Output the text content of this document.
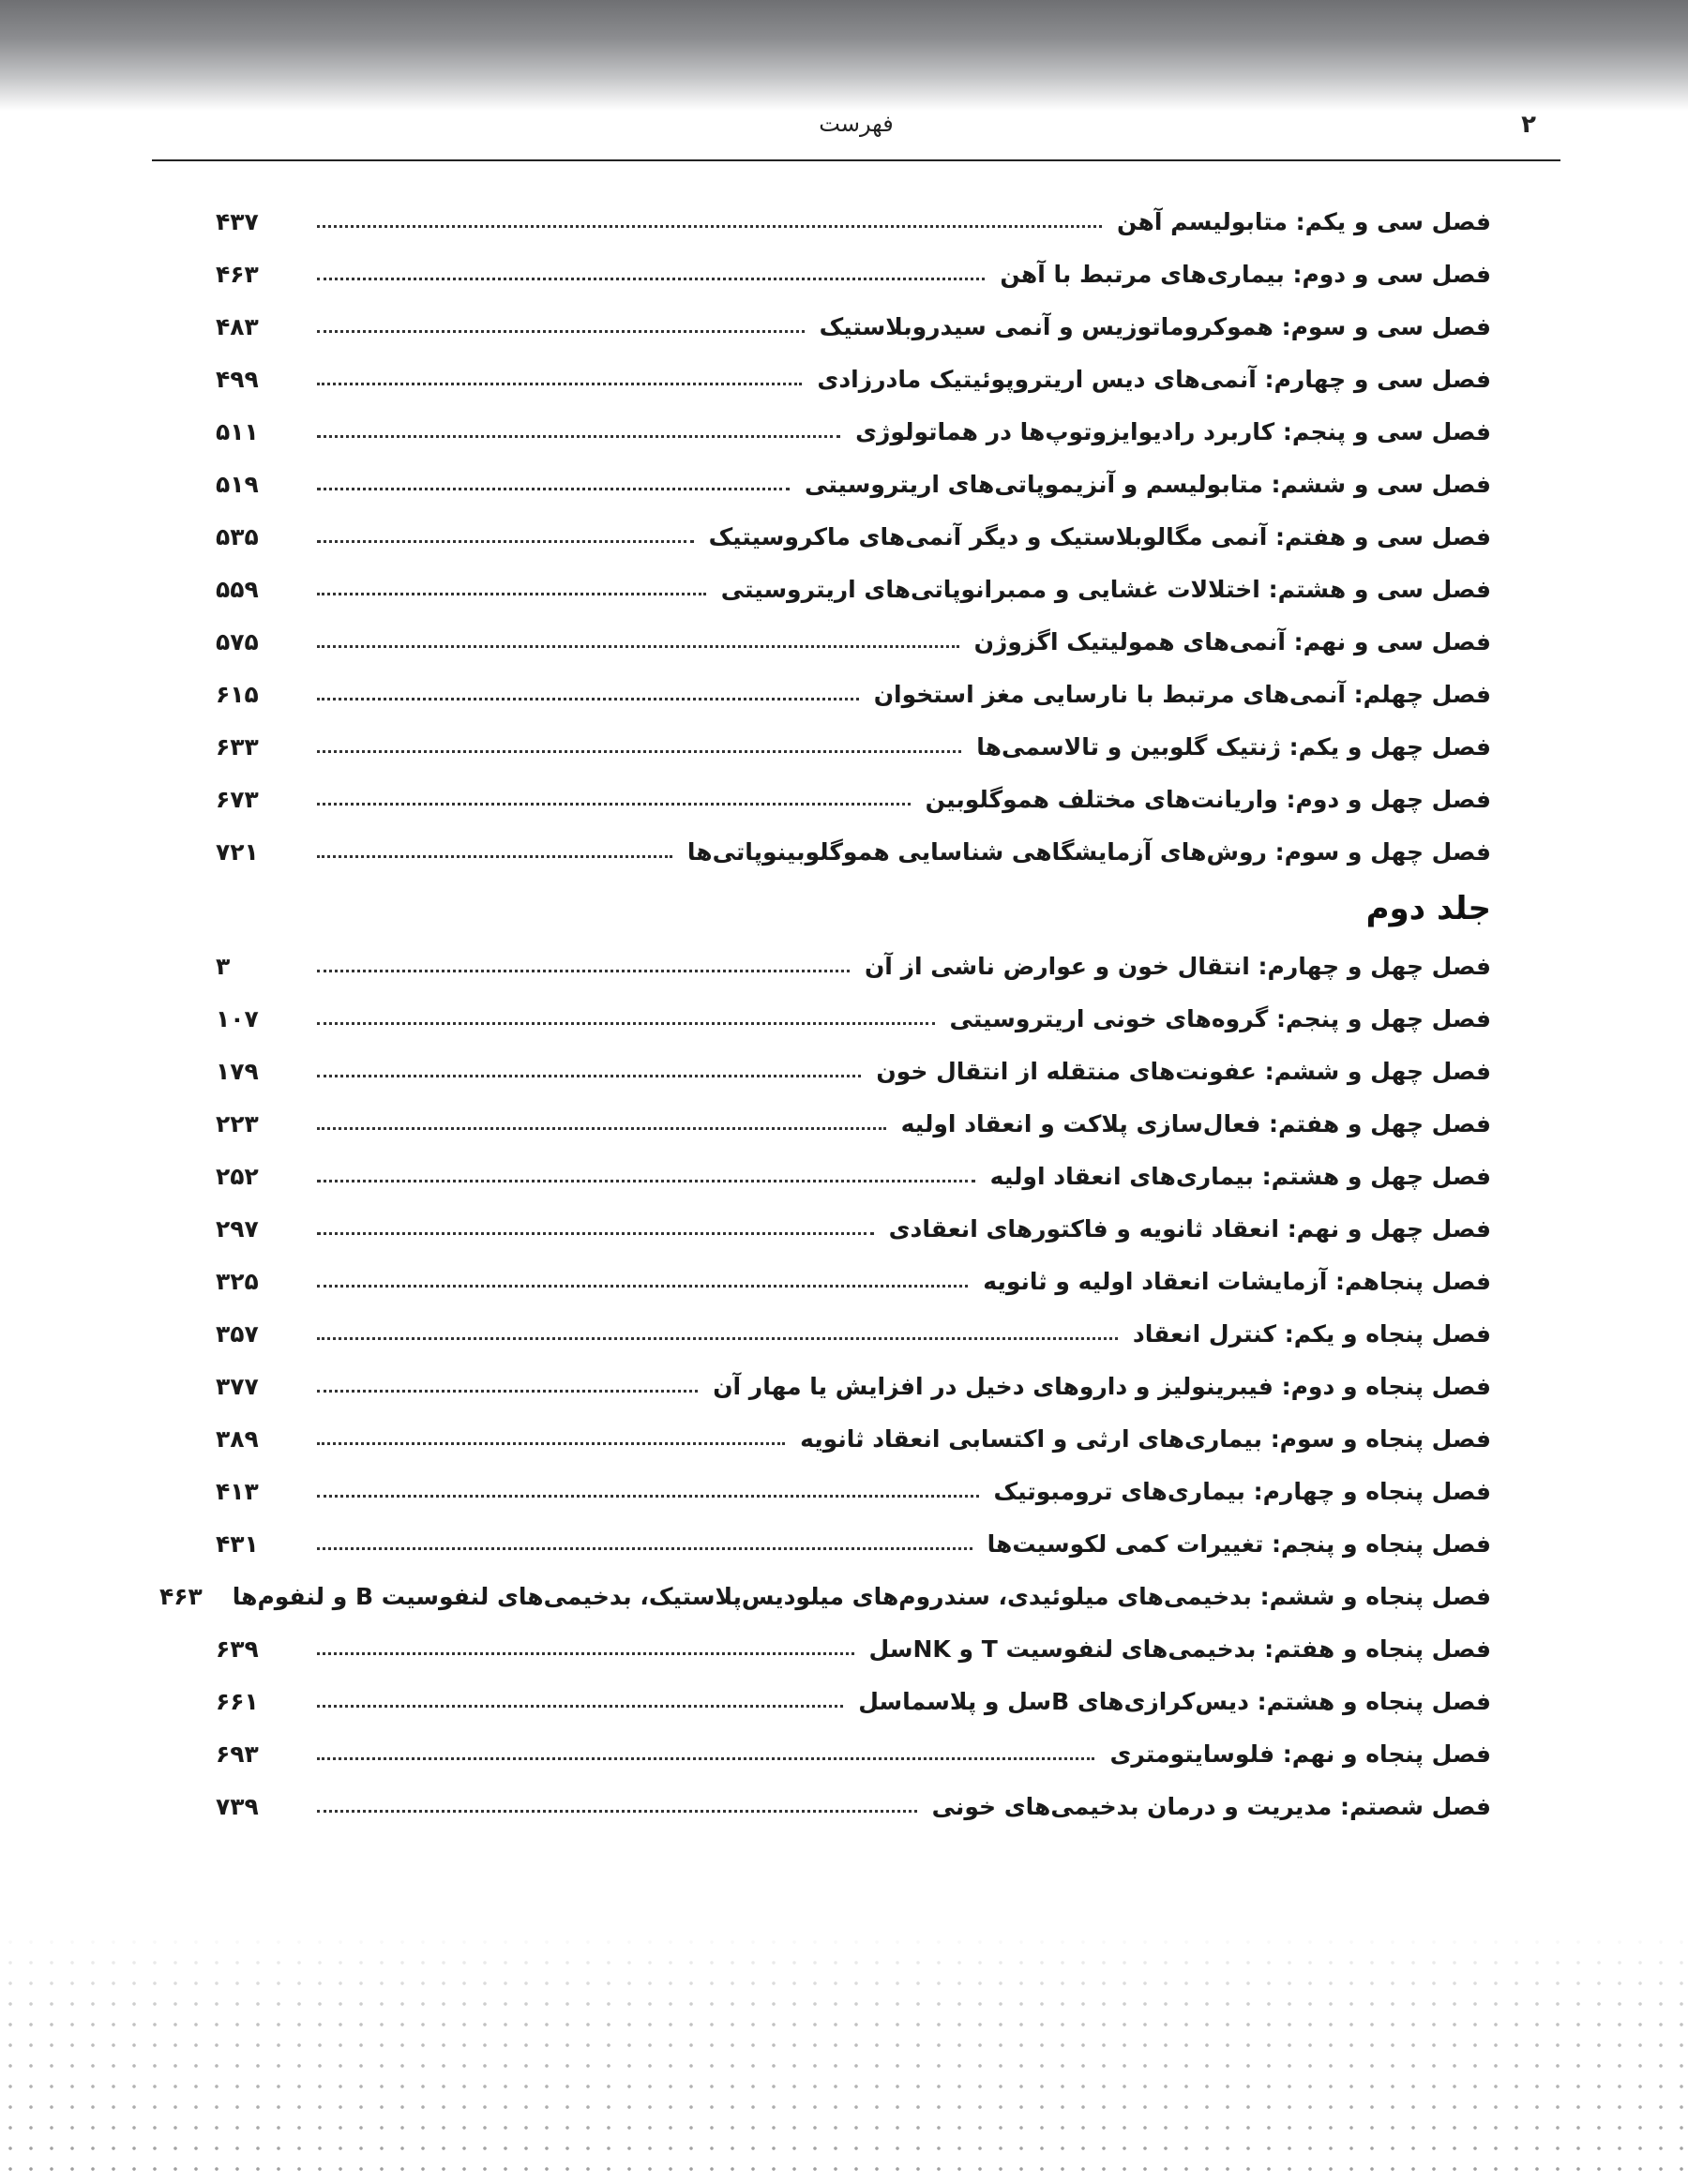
فهرست	۲
فصل سی و یکم: متابولیسم آهن
۴۳۷
فصل سی و دوم: بیماری‌های مرتبط با آهن
۴۶۳
فصل سی و سوم: هموکروماتوزیس و آنمی سیدروبلاستیک
۴۸۳
فصل سی و چهارم: آنمی‌های دیس اریتروپوئیتیک مادرزادی
۴۹۹
فصل سی و پنجم: کاربرد رادیوایزوتوپ‌ها در هماتولوژی
۵۱۱
فصل سی و ششم: متابولیسم و آنزیموپاتی‌های اریتروسیتی
۵۱۹
فصل سی و هفتم: آنمی مگالوبلاستیک و دیگر آنمی‌های ماکروسیتیک
۵۳۵
فصل سی و هشتم: اختلالات غشایی و ممبرانوپاتی‌های اریتروسیتی
۵۵۹
فصل سی و نهم: آنمی‌های همولیتیک اگزوژن
۵۷۵
فصل چهلم: آنمی‌های مرتبط با نارسایی مغز استخوان
۶۱۵
فصل چهل و یکم: ژنتیک گلوبین و تالاسمی‌ها
۶۳۳
فصل چهل و دوم: واریانت‌های مختلف هموگلوبین
۶۷۳
فصل چهل و سوم: روش‌های آزمایشگاهی شناسایی هموگلوبینوپاتی‌ها
۷۲۱
جلد دوم
فصل چهل و چهارم: انتقال خون و عوارض ناشی از آن
۳
فصل چهل و پنجم: گروه‌های خونی اریتروسیتی
۱۰۷
فصل چهل و ششم: عفونت‌های منتقله از انتقال خون
۱۷۹
فصل چهل و هفتم: فعال‌سازی پلاکت و انعقاد اولیه
۲۲۳
فصل چهل و هشتم: بیماری‌های انعقاد اولیه
۲۵۲
فصل چهل و نهم: انعقاد ثانویه و فاکتورهای انعقادی
۲۹۷
فصل پنجاهم: آزمایشات انعقاد اولیه و ثانویه
۳۲۵
فصل پنجاه و یکم: کنترل انعقاد
۳۵۷
فصل پنجاه و دوم: فیبرینولیز و داروهای دخیل در افزایش یا مهار آن
۳۷۷
فصل پنجاه و سوم: بیماری‌های ارثی و اکتسابی انعقاد ثانویه
۳۸۹
فصل پنجاه و چهارم: بیماری‌های ترومبوتیک
۴۱۳
فصل پنجاه و پنجم: تغییرات کمی لکوسیت‌ها
۴۳۱
فصل پنجاه و ششم: بدخیمی‌های میلوئیدی، سندروم‌های میلودیس‌پلاستیک، بدخیمی‌های لنفوسیت B و لنفوم‌ها
۴۶۳
فصل پنجاه و هفتم: بدخیمی‌های لنفوسیت T و NKسل
۶۳۹
فصل پنجاه و هشتم: دیس‌کرازی‌های Bسل و پلاسماسل
۶۶۱
فصل پنجاه و نهم: فلوسایتومتری
۶۹۳
فصل شصتم: مدیریت و درمان بدخیمی‌های خونی
۷۳۹
